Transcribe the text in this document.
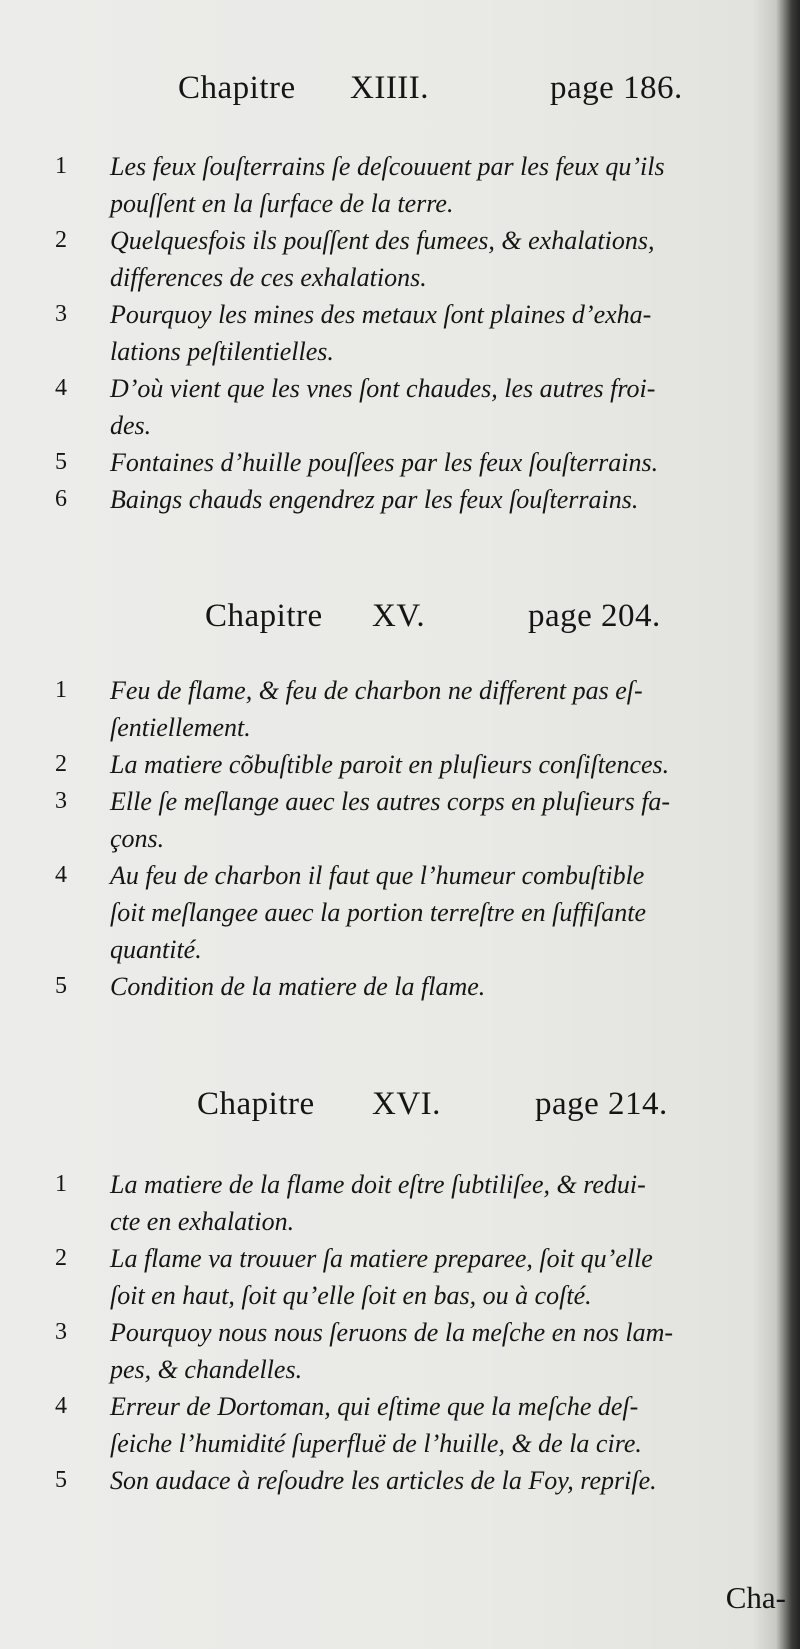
Chapitre XIIII.	page 186.
1 Les feux ſouſterrains ſe deſcouuent par les feux qu’ils
pouſſent en la ſurface de la terre.
2 Quelquesfois ils pouſſent des fumees, & exhalations,
differences de ces exhalations.
3 Pourquoy les mines des metaux ſont plaines d’exha-
lations peſtilentielles.
4 D’où vient que les vnes ſont chaudes, les autres froi-
des.
5 Fontaines d’huille pouſſees par les feux ſouſterrains.
6 Baings chauds engendrez par les feux ſouſterrains.
Chapitre XV.	page 204.
1 Feu de flame, & feu de charbon ne different pas eſ-
ſentiellement.
2 La matiere cõbuſtible paroit en pluſieurs conſiſtences.
3 Elle ſe meſlange auec les autres corps en pluſieurs fa-
çons.
4 Au feu de charbon il faut que l’humeur combuſtible
ſoit meſlangee auec la portion terreſtre en ſuffiſante
quantité.
5 Condition de la matiere de la flame.
Chapitre XVI.	page 214.
1 La matiere de la flame doit eſtre ſubtiliſee, & redui-
cte en exhalation.
2 La flame va trouuer ſa matiere preparee, ſoit qu’elle
ſoit en haut, ſoit qu’elle ſoit en bas, ou à coſté.
3 Pourquoy nous nous ſeruons de la meſche en nos lam-
pes, & chandelles.
4 Erreur de Dortoman, qui eſtime que la meſche deſ-
ſeiche l’humidité ſuperfluë de l’huille, & de la cire.
5 Son audace à reſoudre les articles de la Foy, repriſe.
Cha-
